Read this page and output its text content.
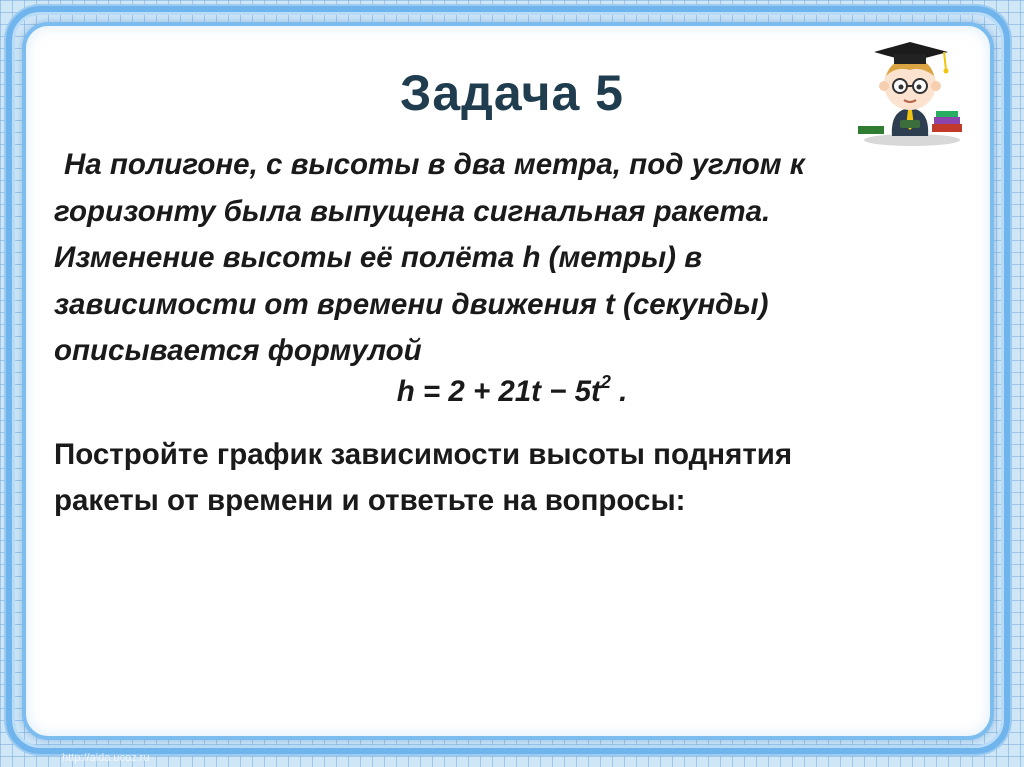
Задача 5
На полигоне, с высоты в два метра, под углом к
горизонту была выпущена сигнальная ракета.
Изменение высоты её полёта h (метры) в
зависимости от времени движения t (секунды)
описывается формулой
$h = 2 + 21t - 5t^2$ .
Постройте график зависимости высоты поднятия
ракеты от времени и ответьте на вопросы:
http://aida.ucoz.ru
